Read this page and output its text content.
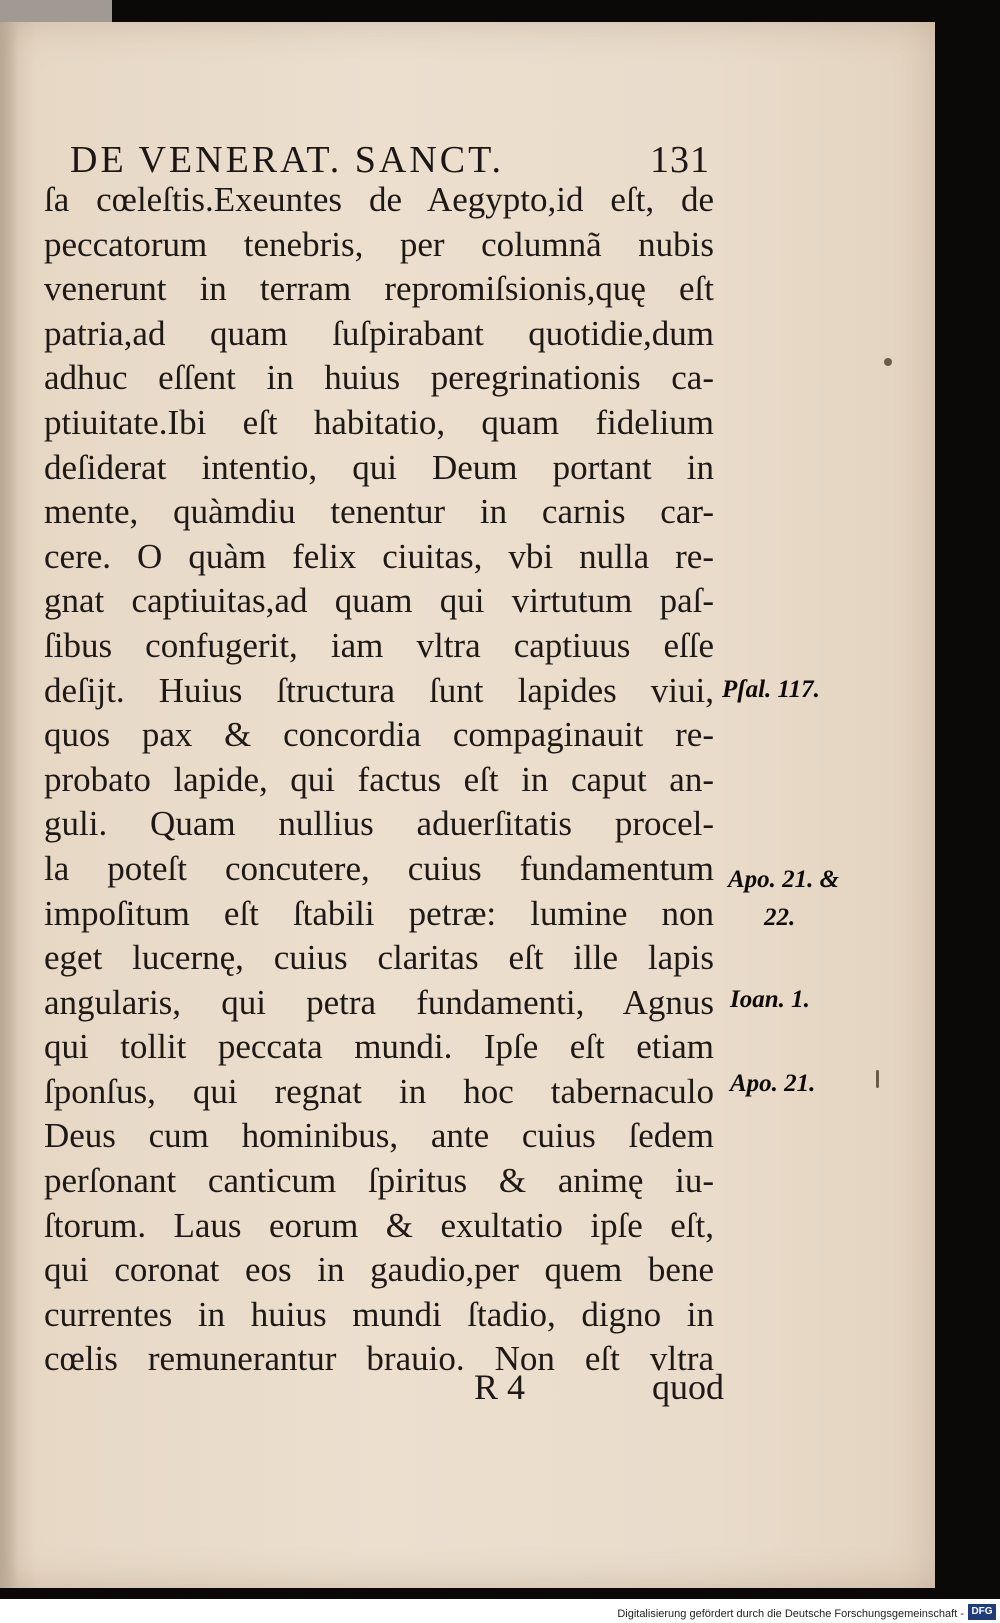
DE VENERAT. SANCT.	131
ſa cœleſtis.Exeuntes de Aegypto,id eſt, de
peccatorum tenebris, per columnã nubis
venerunt in terram repromiſsionis,quę eſt
patria,ad quam ſuſpirabant quotidie,dum
adhuc eſſent in huius peregrinationis ca-
ptiuitate.Ibi eſt habitatio, quam fidelium
deſiderat intentio, qui Deum portant in
mente, quàmdiu tenentur in carnis car-
cere. O quàm felix ciuitas, vbi nulla re-
gnat captiuitas,ad quam qui virtutum paſ-
ſibus confugerit, iam vltra captiuus eſſe
deſijt. Huius ſtructura ſunt lapides viui,
quos pax & concordia compaginauit re-
probato lapide, qui factus eſt in caput an-
guli. Quam nullius aduerſitatis procel-
la poteſt concutere, cuius fundamentum
impoſitum eſt ſtabili petræ: lumine non
eget lucernę, cuius claritas eſt ille lapis
angularis, qui petra fundamenti, Agnus
qui tollit peccata mundi. Ipſe eſt etiam
ſponſus, qui regnat in hoc tabernaculo
Deus cum hominibus, ante cuius ſedem
perſonant canticum ſpiritus & animę iu-
ſtorum. Laus eorum & exultatio ipſe eſt,
qui coronat eos in gaudio,per quem bene
currentes in huius mundi ſtadio, digno in
cœlis remunerantur brauio. Non eſt vltra
R 4	quod
Pſal. 117.
Apo. 21. &
22.
Ioan. 1.
Apo. 21.
Digitalisierung gefördert durch die Deutsche Forschungsgemeinschaft - DFG
